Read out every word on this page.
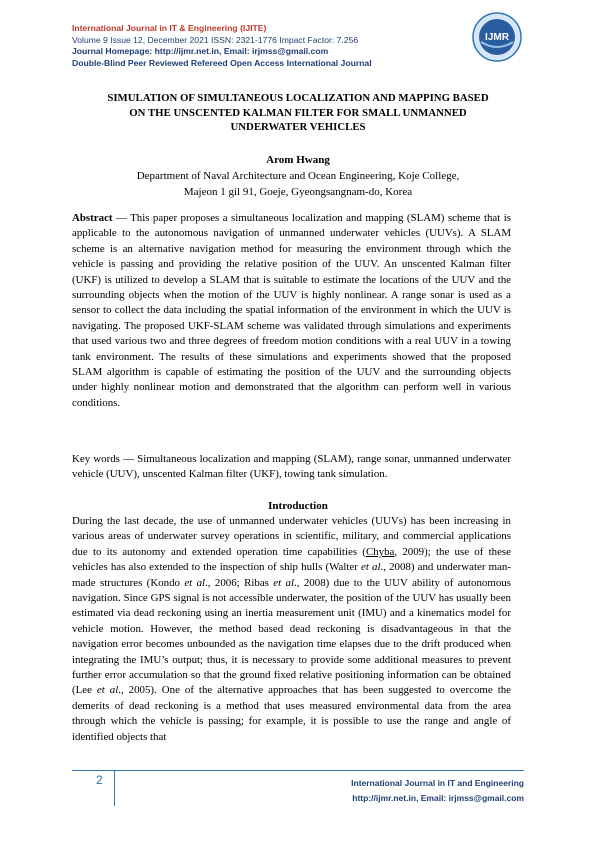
International Journal in IT & Engineering (IJITE)
Volume 9 Issue 12, December 2021 ISSN: 2321-1776 Impact Factor: 7.256
Journal Homepage: http://ijmr.net.in, Email: irjmss@gmail.com
Double-Blind Peer Reviewed Refereed Open Access International Journal
IJMR
SIMULATION OF SIMULTANEOUS LOCALIZATION AND MAPPING BASED
ON THE UNSCENTED KALMAN FILTER FOR SMALL UNMANNED
UNDERWATER VEHICLES
Arom Hwang
Department of Naval Architecture and Ocean Engineering, Koje College,
Majeon 1 gil 91, Goeje, Gyeongsangnam-do, Korea
Abstract — This paper proposes a simultaneous localization and mapping (SLAM) scheme that is applicable to the autonomous navigation of unmanned underwater vehicles (UUVs). A SLAM scheme is an alternative navigation method for measuring the environment through which the vehicle is passing and providing the relative position of the UUV. An unscented Kalman filter (UKF) is utilized to develop a SLAM that is suitable to estimate the locations of the UUV and the surrounding objects when the motion of the UUV is highly nonlinear. A range sonar is used as a sensor to collect the data including the spatial information of the environment in which the UUV is navigating. The proposed UKF-SLAM scheme was validated through simulations and experiments that used various two and three degrees of freedom motion conditions with a real UUV in a towing tank environment. The results of these simulations and experiments showed that the proposed SLAM algorithm is capable of estimating the position of the UUV and the surrounding objects under highly nonlinear motion and demonstrated that the algorithm can perform well in various conditions.
Key words — Simultaneous localization and mapping (SLAM), range sonar, unmanned underwater vehicle (UUV), unscented Kalman filter (UKF), towing tank simulation.
Introduction
During the last decade, the use of unmanned underwater vehicles (UUVs) has been increasing in various areas of underwater survey operations in scientific, military, and commercial applications due to its autonomy and extended operation time capabilities (Chyba, 2009); the use of these vehicles has also extended to the inspection of ship hulls (Walter et al., 2008) and underwater man-made structures (Kondo et al., 2006; Ribas et al., 2008) due to the UUV ability of autonomous navigation. Since GPS signal is not accessible underwater, the position of the UUV has usually been estimated via dead reckoning using an inertia measurement unit (IMU) and a kinematics model for vehicle motion. However, the method based dead reckoning is disadvantageous in that the navigation error becomes unbounded as the navigation time elapses due to the drift produced when integrating the IMU’s output; thus, it is necessary to provide some additional measures to prevent further error accumulation so that the ground fixed relative positioning information can be obtained (Lee et al., 2005). One of the alternative approaches that has been suggested to overcome the demerits of dead reckoning is a method that uses measured environmental data from the area through which the vehicle is passing; for example, it is possible to use the range and angle of identified objects that
2	International Journal in IT and Engineering
http://ijmr.net.in, Email: irjmss@gmail.com
